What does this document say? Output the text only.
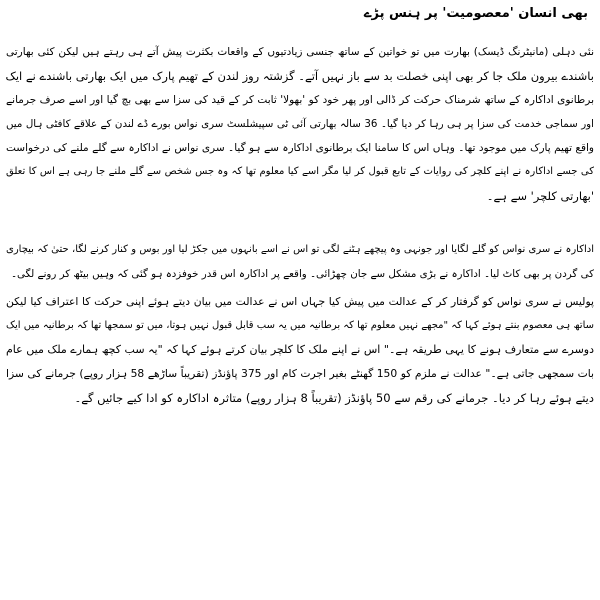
بھی انسان 'معصومیت' پر ہنس پڑے
نئی دہلی (مانیٹرنگ ڈیسک) بھارت میں تو خواتین کے ساتھ جنسی زیادتیوں کے واقعات بکثرت پیش آتے ہی رہتے ہیں لیکن کئی بھارتی
باشندے بیرون ملک جا کر بھی اپنی خصلت بد سے باز نہیں آتے۔ گزشتہ روز لندن کے تھیم پارک میں ایک بھارتی باشندے نے ایک
برطانوی اداکارہ کے ساتھ شرمناک حرکت کر ڈالی اور پھر خود کو 'بھولا' ثابت کر کے قید کی سزا سے بھی بچ گیا اور اسے صرف جرمانے
اور سماجی خدمت کی سزا پر ہی رہا کر دیا گیا۔ 36 سالہ بھارتی آئی ٹی سپیشلسٹ سری نواس بورے ڈے لندن کے علاقے کافٹی ہال میں
واقع تھیم پارک میں موجود تھا۔ وہاں اس کا سامنا ایک برطانوی اداکارہ سے ہو گیا۔ سری نواس نے اداکارہ سے گلے ملنے کی درخواست
کی جسے اداکارہ نے اپنے کلچر کی روایات کے تابع قبول کر لیا مگر اسے کیا معلوم تھا کہ وہ جس شخص سے گلے ملنے جا رہی ہے اس کا تعلق
'بھارتی کلچر' سے ہے۔
اداکارہ نے سری نواس کو گلے لگایا اور جونہی وہ پیچھے ہٹنے لگی تو اس نے اسے بانہوں میں جکڑ لیا اور بوس و کنار کرنے لگا، حتیٰ کہ بیچاری
کی گردن پر بھی کاٹ لیا۔ اداکارہ نے بڑی مشکل سے جان چھڑائی۔ واقعے پر اداکارہ اس قدر خوفزدہ ہو گئی کہ وہیں بیٹھ کر رونے لگی۔
پولیس نے سری نواس کو گرفتار کر کے عدالت میں پیش کیا جہاں اس نے عدالت میں بیان دیتے ہوئے اپنی حرکت کا اعتراف کیا لیکن
ساتھ ہی معصوم بنتے ہوئے کہا کہ "مجھے نہیں معلوم تھا کہ برطانیہ میں یہ سب قابل قبول نہیں ہوتا، میں تو سمجھا تھا کہ برطانیہ میں ایک
دوسرے سے متعارف ہونے کا یہی طریقہ ہے۔" اس نے اپنے ملک کا کلچر بیان کرتے ہوئے کہا کہ "یہ سب کچھ ہمارے ملک میں عام
بات سمجھی جاتی ہے۔" عدالت نے ملزم کو 150 گھنٹے بغیر اجرت کام اور 375 پاؤنڈز (تقریباً ساڑھے 58 ہزار روپے) جرمانے کی سزا
دیتے ہوئے رہا کر دیا۔ جرمانے کی رقم سے 50 پاؤنڈز (تقریباً 8 ہزار روپے) متاثرہ اداکارہ کو ادا کیے جائیں گے۔
